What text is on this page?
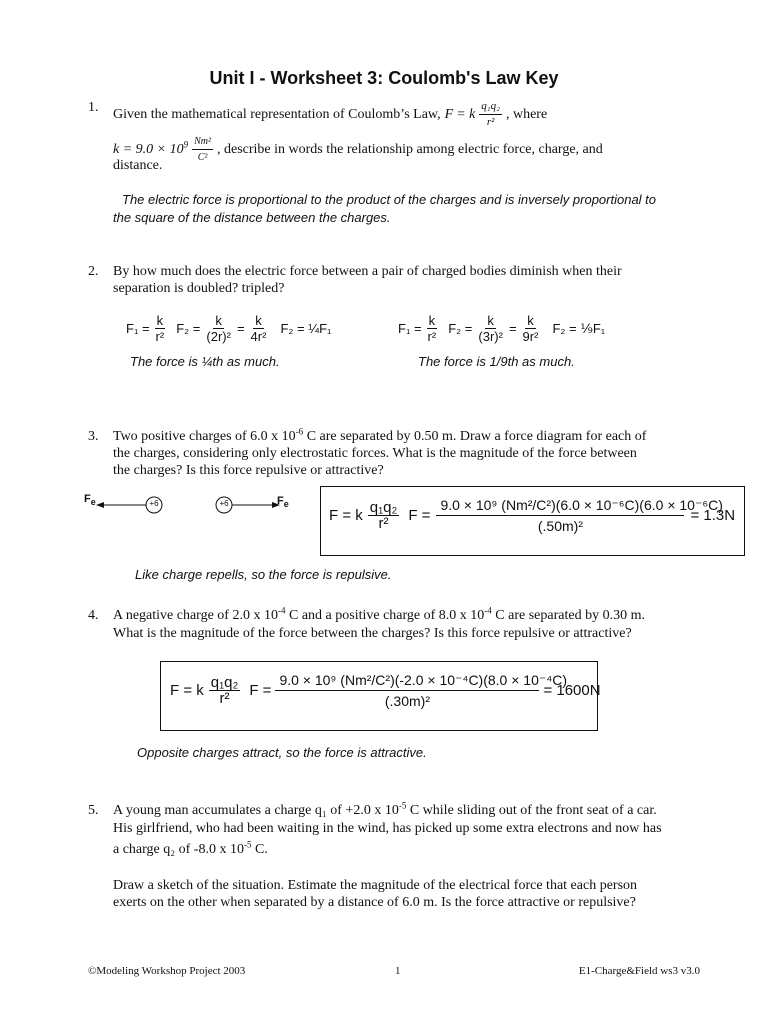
Unit I - Worksheet 3: Coulomb's Law Key
1.	Given the mathematical representation of Coulomb’s Law, F = k $\frac{\text{q₁q₂}}{\text{r²}}$ , where
$k = 9.0 \times 10^9 \frac{\text{Nm²}}{\text{C²}}$ , describe in words the relationship among electric force, charge, and
distance.
The electric force is proportional to the product of the charges and is inversely proportional to
the square of the distance between the charges.
2.	By how much does the electric force between a pair of charged bodies diminish when their
separation is doubled? tripled?
$F_1 = \frac{k}{\text{r²}} F_2 = \frac{k}{\text{(2r)²}} = \frac{k}{\text{4r²}} F_2$ = ¼F₁
The force is ¼th as much.
$F_1 = \frac{k}{\text{r²}} F_2 = \frac{k}{\text{(3r)²}} = \frac{k}{\text{9r²}} F_2$ = ⅑F₁
The force is 1/9th as much.
3.	Two positive charges of 6.0 x $10^{-6}$ C are separated by 0.50 m. Draw a force diagram for each of
the charges, considering only electrostatic forces. What is the magnitude of the force between
the charges? Is this force repulsive or attractive?
$F_e$	+6	+6	$F_e$
F = k $\frac{\text{q₁q₂}}{\text{r²}}$ $F = \frac{\text{9.0 × 10⁹ (Nm²/C²)(6.0 × 10⁻⁶C)(6.0 × 10⁻⁶C)}}{\text{(.50m)²}} = 1.3N$
Like charge repells, so the force is repulsive.
4.	A negative charge of 2.0 x $10^{-4}$ C and a positive charge of 8.0 x $10^{-4}$ C are separated by 0.30 m.
What is the magnitude of the force between the charges? Is this force repulsive or attractive?
F = k $\frac{\text{q₁q₂}}{\text{r²}}$ $F = \frac{\text{9.0 × 10⁹ (Nm²/C²)(-2.0 × 10⁻⁴C)(8.0 × 10⁻⁴C)}}{\text{(.30m)²}} = 1600N$
Opposite charges attract, so the force is attractive.
5.	A young man accumulates a charge q₁ of +2.0 x $10^{-5}$ C while sliding out of the front seat of a car.
His girlfriend, who had been waiting in the wind, has picked up some extra electrons and now has
a charge q₂ of -8.0 x $10^{-5}$ C.
Draw a sketch of the situation. Estimate the magnitude of the electrical force that each person
exerts on the other when separated by a distance of 6.0 m. Is the force attractive or repulsive?
©Modeling Workshop Project 2003	1	E1-Charge&Field ws3 v3.0
